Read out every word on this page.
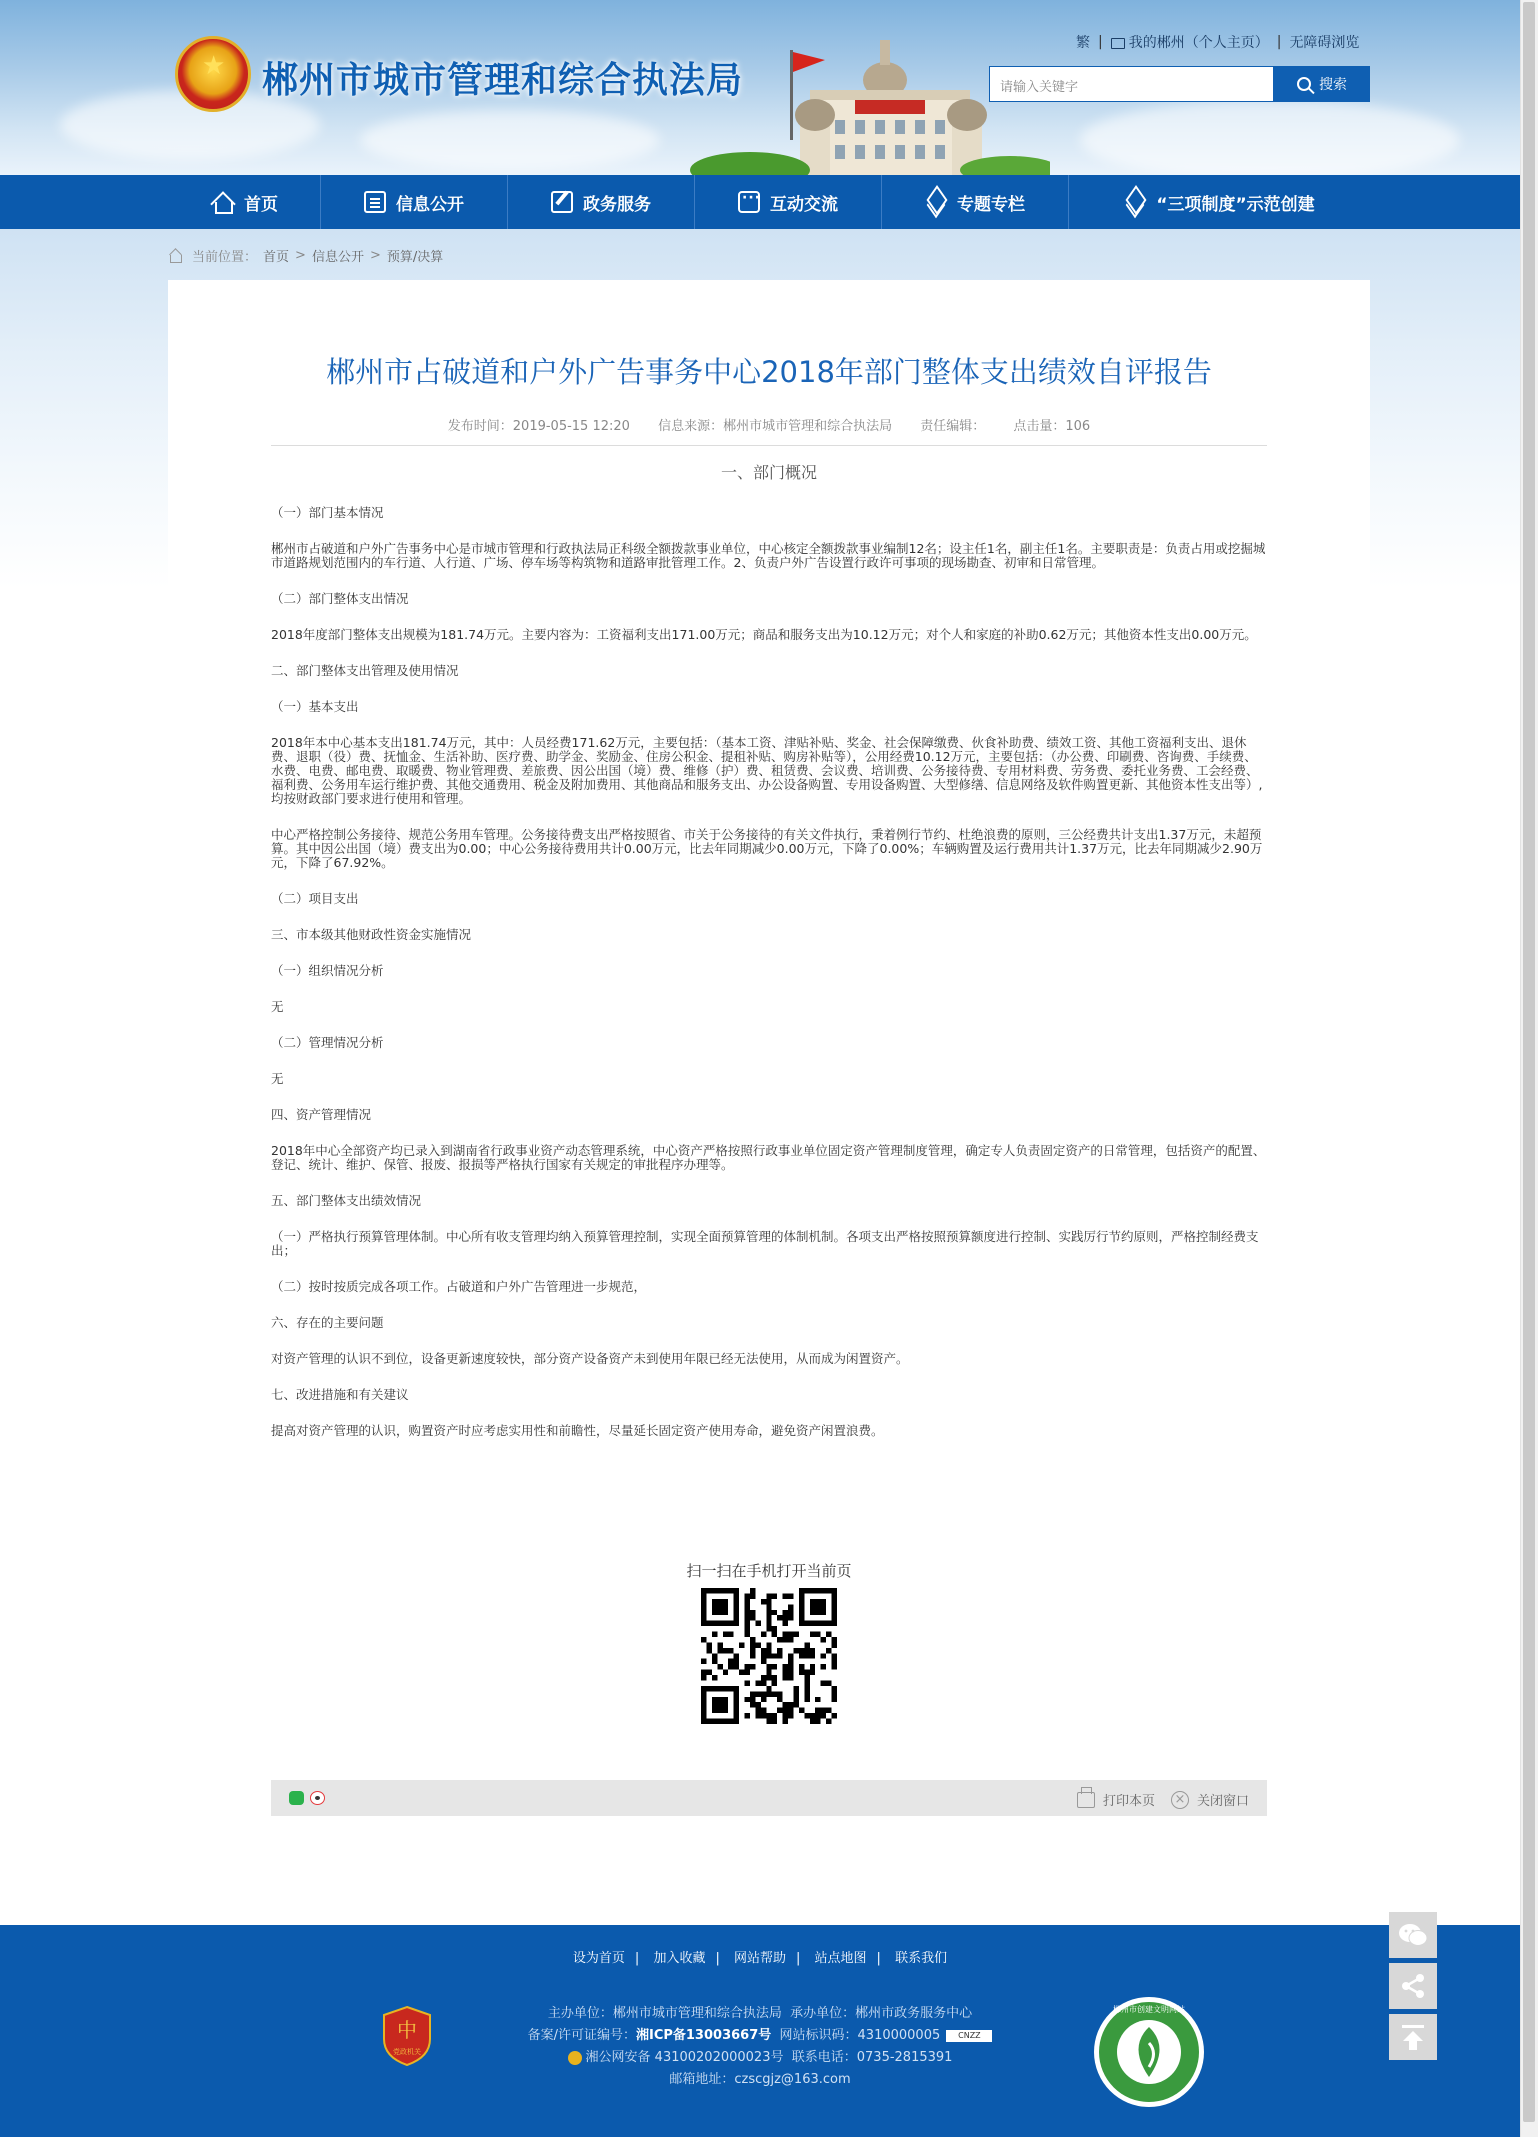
★ 郴州市城市管理和综合执法局
繁 |	我的郴州（个人主页） | 无障碍浏览
请输入关键字	搜索
首页	信息公开	政务服务
···	互动交流	专题专栏	“三项制度”示范创建
当前位置： 首页 > 信息公开 > 预算/决算
郴州市占破道和户外广告事务中心2018年部门整体支出绩效自评报告
发布时间：2019-05-15 12:20 信息来源：郴州市城市管理和综合执法局 责任编辑： 点击量：106

一、部门概况

（一）部门基本情况

郴州市占破道和户外广告事务中心是市城市管理和行政执法局正科级全额拨款事业单位，中心核定全额拨款事业编制12名；设主任1名，副主任1名。主要职责是：负责占用或挖掘城市道路规划范围内的车行道、人行道、广场、停车场等构筑物和道路审批管理工作。2、负责户外广告设置行政许可事项的现场勘查、初审和日常管理。

（二）部门整体支出情况

2018年度部门整体支出规模为181.74万元。主要内容为：工资福利支出171.00万元；商品和服务支出为10.12万元；对个人和家庭的补助0.62万元；其他资本性支出0.00万元。

二、部门整体支出管理及使用情况

（一）基本支出

2018年本中心基本支出181.74万元，其中：人员经费171.62万元，主要包括：（基本工资、津贴补贴、奖金、社会保障缴费、伙食补助费、绩效工资、其他工资福利支出、退休费、退职（役）费、抚恤金、生活补助、医疗费、助学金、奖励金、住房公积金、提租补贴、购房补贴等），公用经费10.12万元，主要包括：（办公费、印刷费、咨询费、手续费、水费、电费、邮电费、取暖费、物业管理费、差旅费、因公出国（境）费、维修（护）费、租赁费、会议费、培训费、公务接待费、专用材料费、劳务费、委托业务费、工会经费、福利费、公务用车运行维护费、其他交通费用、税金及附加费用、其他商品和服务支出、办公设备购置、专用设备购置、大型修缮、信息网络及软件购置更新、其他资本性支出等）,均按财政部门要求进行使用和管理。

中心严格控制公务接待、规范公务用车管理。公务接待费支出严格按照省、市关于公务接待的有关文件执行，秉着例行节约、杜绝浪费的原则，三公经费共计支出1.37万元，未超预算。其中因公出国（境）费支出为0.00；中心公务接待费用共计0.00万元，比去年同期减少0.00万元，下降了0.00%；车辆购置及运行费用共计1.37万元，比去年同期减少2.90万元，下降了67.92%。

（二）项目支出

三、市本级其他财政性资金实施情况

（一）组织情况分析

无

（二）管理情况分析

无

四、资产管理情况

2018年中心全部资产均已录入到湖南省行政事业资产动态管理系统，中心资产严格按照行政事业单位固定资产管理制度管理，确定专人负责固定资产的日常管理，包括资产的配置、登记、统计、维护、保管、报废、报损等严格执行国家有关规定的审批程序办理等。

五、部门整体支出绩效情况

（一）严格执行预算管理体制。中心所有收支管理均纳入预算管理控制，实现全面预算管理的体制机制。各项支出严格按照预算额度进行控制、实践厉行节约原则，严格控制经费支出；

（二）按时按质完成各项工作。占破道和户外广告管理进一步规范，

六、存在的主要问题

对资产管理的认识不到位，设备更新速度较快，部分资产设备资产未到使用年限已经无法使用，从而成为闲置资产。

七、改进措施和有关建议

提高对资产管理的认识，购置资产时应考虑实用性和前瞻性，尽量延长固定资产使用寿命，避免资产闲置浪费。

扫一扫在手机打开当前页
打印本页 × 关闭窗口
设为首页 | 加入收藏 | 网站帮助 | 站点地图 | 联系我们
中
党政机关
主办单位：郴州市城市管理和综合执法局 承办单位：郴州市政务服务中心
备案/许可证编号：湘ICP备13003667号 网站标识码：4310000005 CNZZ
湘公网安备 43100202000023号 联系电话：0735-2815391
邮箱地址：czscgjz@163.com
郴州市创建文明网站
